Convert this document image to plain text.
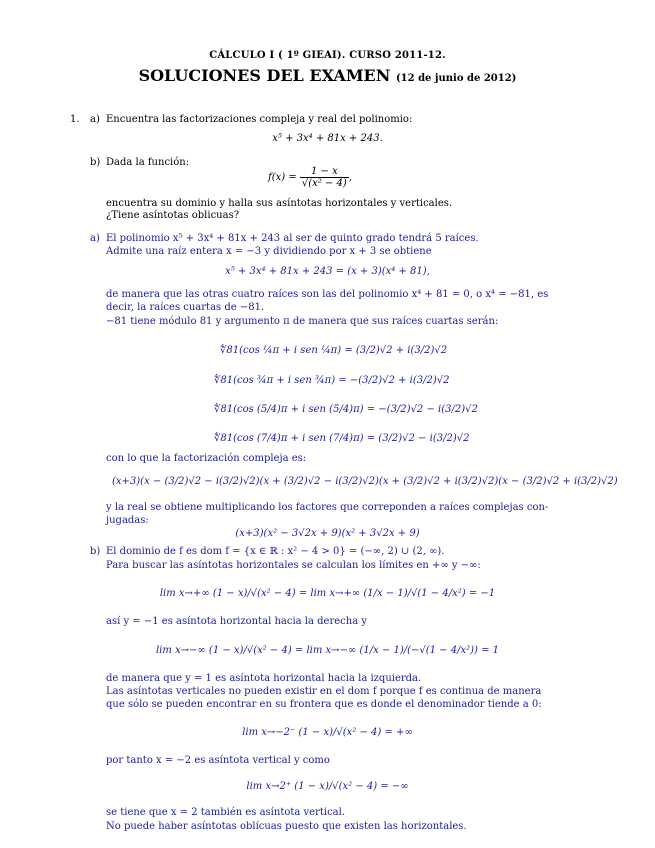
CÁLCULO I ( 1º GIEAI). CURSO 2011-12.
SOLUCIONES DEL EXAMEN (12 de junio de 2012)
1. a) Encuentra las factorizaciones compleja y real del polinomio:
x⁵ + 3x⁴ + 81x + 243.
b) Dada la función:
$f(x) = \frac{1 - x}{\text{√(x² − 4)}}$ ,
encuentra su dominio y halla sus asíntotas horizontales y verticales.
¿Tiene asíntotas oblicuas?
a) El polinomio x⁵ + 3x⁴ + 81x + 243 al ser de quinto grado tendrá 5 raíces.
Admite una raíz entera x = −3 y dividiendo por x + 3 se obtiene
x⁵ + 3x⁴ + 81x + 243 = (x + 3)(x⁴ + 81),
de manera que las otras cuatro raíces son las del polinomio x⁴ + 81 = 0, o x⁴ = −81, es
decir, la raíces cuartas de −81.
−81 tiene módulo 81 y argumento π de manera que sus raíces cuartas serán:
∜81(cos ¼π + i sen ¼π) = (3/2)√2 + i(3/2)√2
∜81(cos ¾π + i sen ¾π) = −(3/2)√2 + i(3/2)√2
∜81(cos (5/4)π + i sen (5/4)π) = −(3/2)√2 − i(3/2)√2
∜81(cos (7/4)π + i sen (7/4)π) = (3/2)√2 − i(3/2)√2
con lo que la factorización compleja es:
(x+3)(x − (3/2)√2 − i(3/2)√2)(x + (3/2)√2 − i(3/2)√2)(x + (3/2)√2 + i(3/2)√2)(x − (3/2)√2 + i(3/2)√2)
y la real se obtiene multiplicando los factores que correponden a raíces complejas con-
jugadas:
(x+3)(x² − 3√2x + 9)(x² + 3√2x + 9)
b) El dominio de f es dom f = {x ∈ ℝ : x² − 4 > 0} = (−∞, 2) ∪ (2, ∞).
Para buscar las asíntotas horizontales se calculan los límites en +∞ y −∞:
lim x→+∞ (1 − x)/√(x² − 4) = lim x→+∞ (1/x − 1)/√(1 − 4/x²) = −1
así y = −1 es asíntota horizontal hacia la derecha y
lim x→−∞ (1 − x)/√(x² − 4) = lim x→−∞ (1/x − 1)/(−√(1 − 4/x²)) = 1
de manera que y = 1 es asíntota horizontal hacia la izquierda.
Las asíntotas verticales no pueden existir en el dom f porque f es continua de manera
que sólo se pueden encontrar en su frontera que es donde el denominador tiende a 0:
lim x→−2⁻ (1 − x)/√(x² − 4) = +∞
por tanto x = −2 es asíntota vertical y como
lim x→2⁺ (1 − x)/√(x² − 4) = −∞
se tiene que x = 2 también es asíntota vertical.
No puede haber asíntotas oblícuas puesto que existen las horizontales.
